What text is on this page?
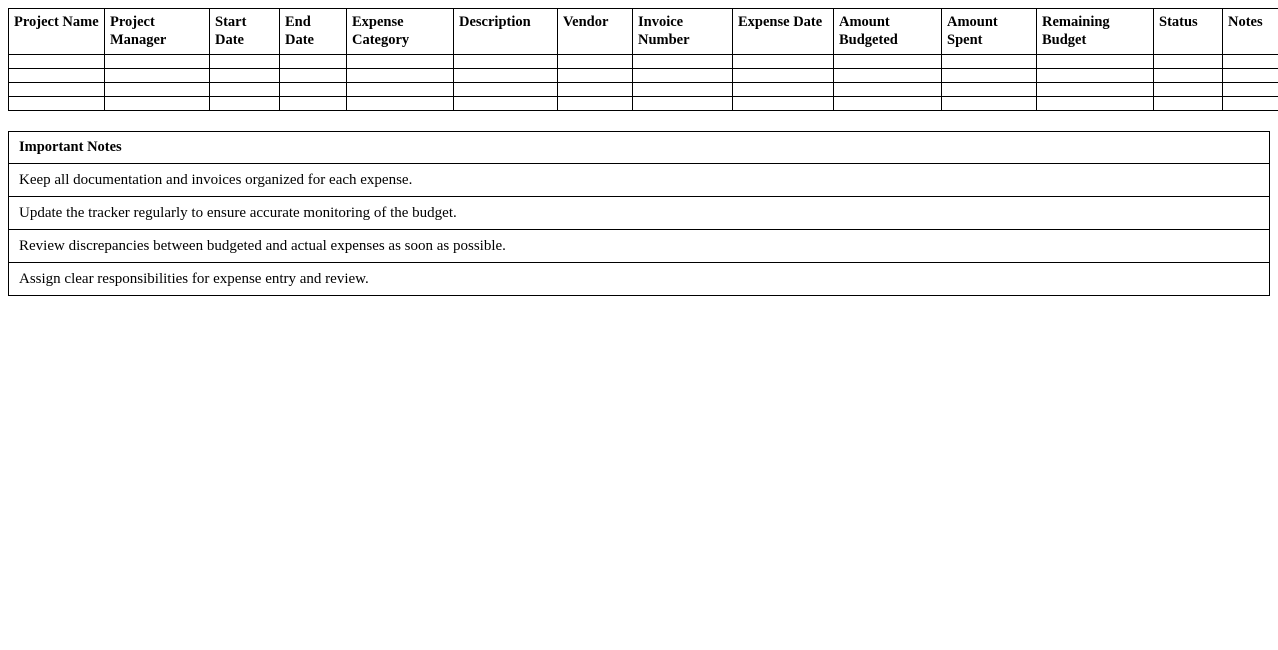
Project Name	Project Manager	Start Date	End Date	Expense Category	Description	Vendor	Invoice Number	Expense Date	Amount Budgeted	Amount Spent	Remaining Budget	Status	Notes

Important Notes
Keep all documentation and invoices organized for each expense.
Update the tracker regularly to ensure accurate monitoring of the budget.
Review discrepancies between budgeted and actual expenses as soon as possible.
Assign clear responsibilities for expense entry and review.
